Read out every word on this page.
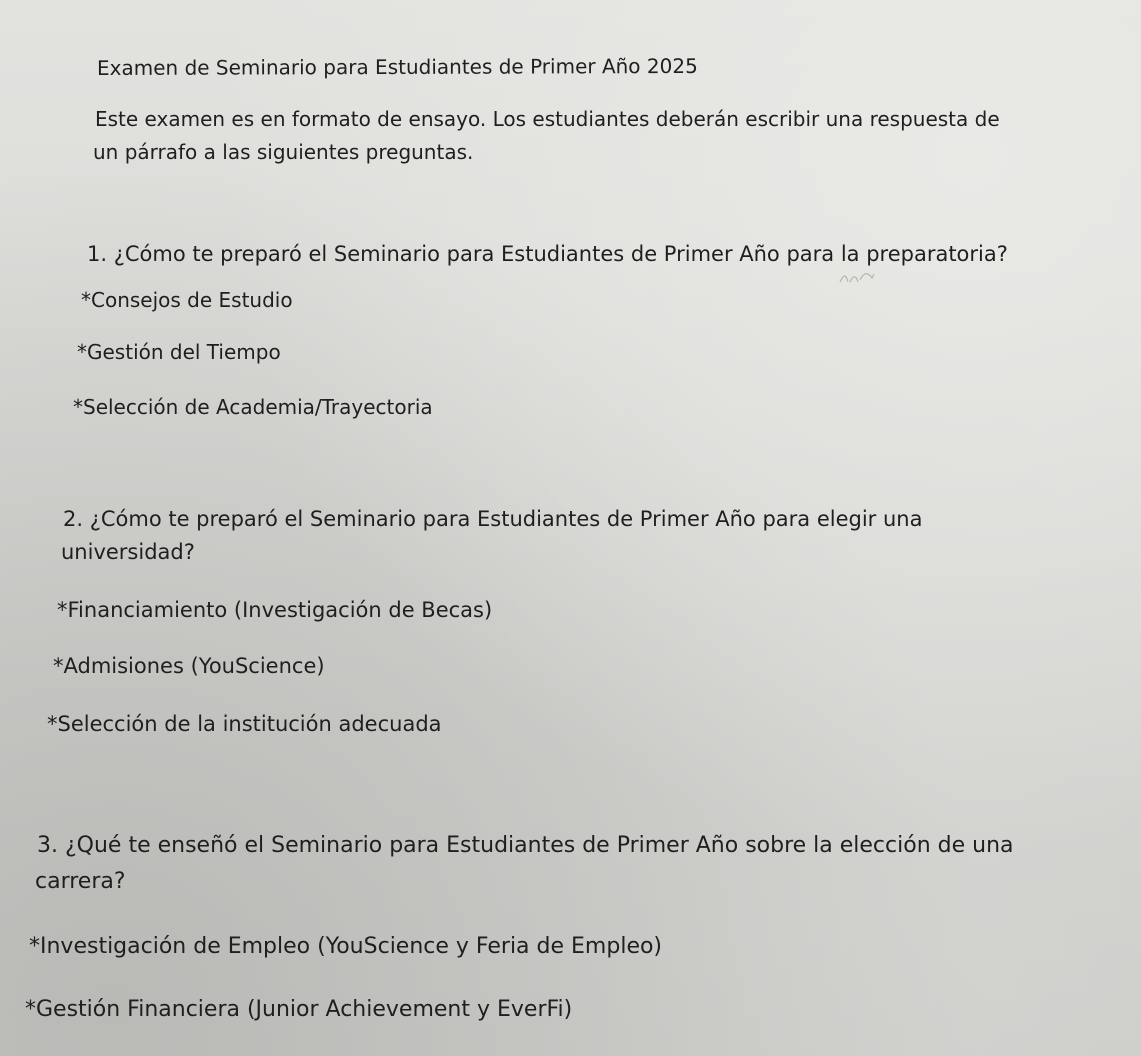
Examen de Seminario para Estudiantes de Primer Año 2025

Este examen es en formato de ensayo. Los estudiantes deberán escribir una respuesta de

un párrafo a las siguientes preguntas.

1. ¿Cómo te preparó el Seminario para Estudiantes de Primer Año para la preparatoria?

*Consejos de Estudio

*Gestión del Tiempo

*Selección de Academia/Trayectoria

2. ¿Cómo te preparó el Seminario para Estudiantes de Primer Año para elegir una

universidad?

*Financiamiento (Investigación de Becas)

*Admisiones (YouScience)

*Selección de la institución adecuada

3. ¿Qué te enseñó el Seminario para Estudiantes de Primer Año sobre la elección de una

carrera?

*Investigación de Empleo (YouScience y Feria de Empleo)

*Gestión Financiera (Junior Achievement y EverFi)
